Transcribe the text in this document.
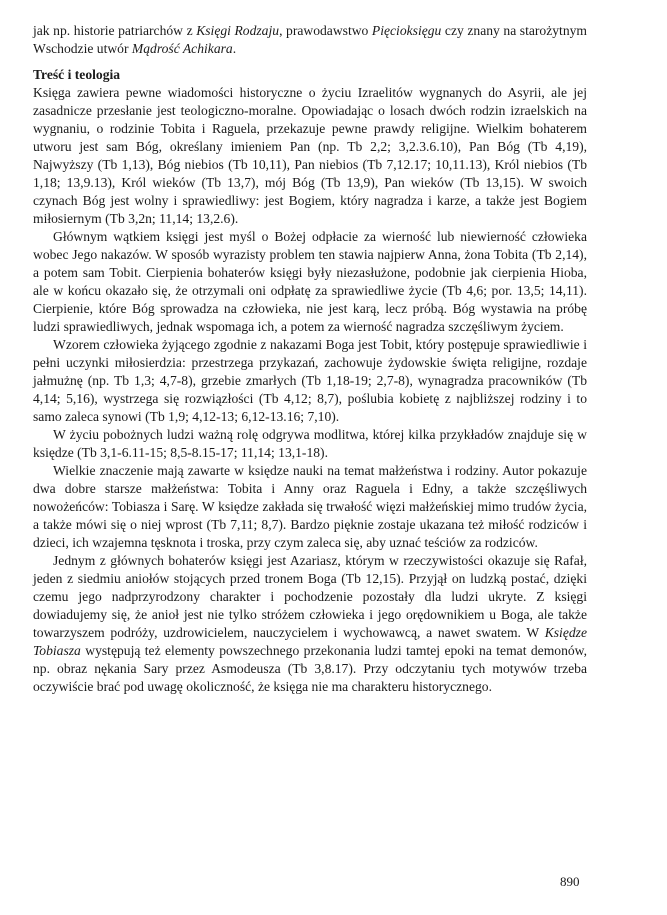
jak np. historie patriarchów z Księgi Rodzaju, prawodawstwo Pięcioksięgu czy znany na starożytnym Wschodzie utwór Mądrość Achikara.

Treść i teologia

Księga zawiera pewne wiadomości historyczne o życiu Izraelitów wygnanych do Asyrii, ale jej zasadnicze przesłanie jest teologiczno-moralne. Opowiadając o losach dwóch rodzin izraelskich na wygnaniu, o rodzinie Tobita i Raguela, przekazuje pewne prawdy religijne. Wielkim bohaterem utworu jest sam Bóg, określany imieniem Pan (np. Tb 2,2; 3,2.3.6.10), Pan Bóg (Tb 4,19), Najwyższy (Tb 1,13), Bóg niebios (Tb 10,11), Pan niebios (Tb 7,12.17; 10,11.13), Król niebios (Tb 1,18; 13,9.13), Król wieków (Tb 13,7), mój Bóg (Tb 13,9), Pan wieków (Tb 13,15). W swoich czynach Bóg jest wolny i sprawiedliwy: jest Bogiem, który nagradza i karze, a także jest Bogiem miłosiernym (Tb 3,2n; 11,14; 13,2.6).

Głównym wątkiem księgi jest myśl o Bożej odpłacie za wierność lub niewierność człowieka wobec Jego nakazów. W sposób wyrazisty problem ten stawia najpierw Anna, żona Tobita (Tb 2,14), a potem sam Tobit. Cierpienia bohaterów księgi były niezasłużone, podobnie jak cierpienia Hioba, ale w końcu okazało się, że otrzymali oni odpłatę za sprawiedliwe życie (Tb 4,6; por. 13,5; 14,11). Cierpienie, które Bóg sprowadza na człowieka, nie jest karą, lecz próbą. Bóg wystawia na próbę ludzi sprawiedliwych, jednak wspomaga ich, a potem za wierność nagradza szczęśliwym życiem.

Wzorem człowieka żyjącego zgodnie z nakazami Boga jest Tobit, który postępuje sprawiedliwie i pełni uczynki miłosierdzia: przestrzega przykazań, zachowuje żydowskie święta religijne, rozdaje jałmużnę (np. Tb 1,3; 4,7-8), grzebie zmarłych (Tb 1,18-19; 2,7-8), wynagradza pracowników (Tb 4,14; 5,16), wystrzega się rozwiązłości (Tb 4,12; 8,7), poślubia kobietę z najbliższej rodziny i to samo zaleca synowi (Tb 1,9; 4,12-13; 6,12-13.16; 7,10).

W życiu pobożnych ludzi ważną rolę odgrywa modlitwa, której kilka przykładów znajduje się w księdze (Tb 3,1-6.11-15; 8,5-8.15-17; 11,14; 13,1-18).

Wielkie znaczenie mają zawarte w księdze nauki na temat małżeństwa i rodziny. Autor pokazuje dwa dobre starsze małżeństwa: Tobita i Anny oraz Raguela i Edny, a także szczęśliwych nowożeńców: Tobiasza i Sarę. W księdze zakłada się trwałość więzi małżeńskiej mimo trudów życia, a także mówi się o niej wprost (Tb 7,11; 8,7). Bardzo pięknie zostaje ukazana też miłość rodziców i dzieci, ich wzajemna tęsknota i troska, przy czym zaleca się, aby uznać teściów za rodziców.

Jednym z głównych bohaterów księgi jest Azariasz, którym w rzeczywistości okazuje się Rafał, jeden z siedmiu aniołów stojących przed tronem Boga (Tb 12,15). Przyjął on ludzką postać, dzięki czemu jego nadprzyrodzony charakter i pochodzenie pozostały dla ludzi ukryte. Z księgi dowiadujemy się, że anioł jest nie tylko stróżem człowieka i jego orędownikiem u Boga, ale także towarzyszem podróży, uzdrowicielem, nauczycielem i wychowawcą, a nawet swatem. W Księdze Tobiasza występują też elementy powszechnego przekonania ludzi tamtej epoki na temat demonów, np. obraz nękania Sary przez Asmodeusza (Tb 3,8.17). Przy odczytaniu tych motywów trzeba oczywiście brać pod uwagę okoliczność, że księga nie ma charakteru historycznego.

890
